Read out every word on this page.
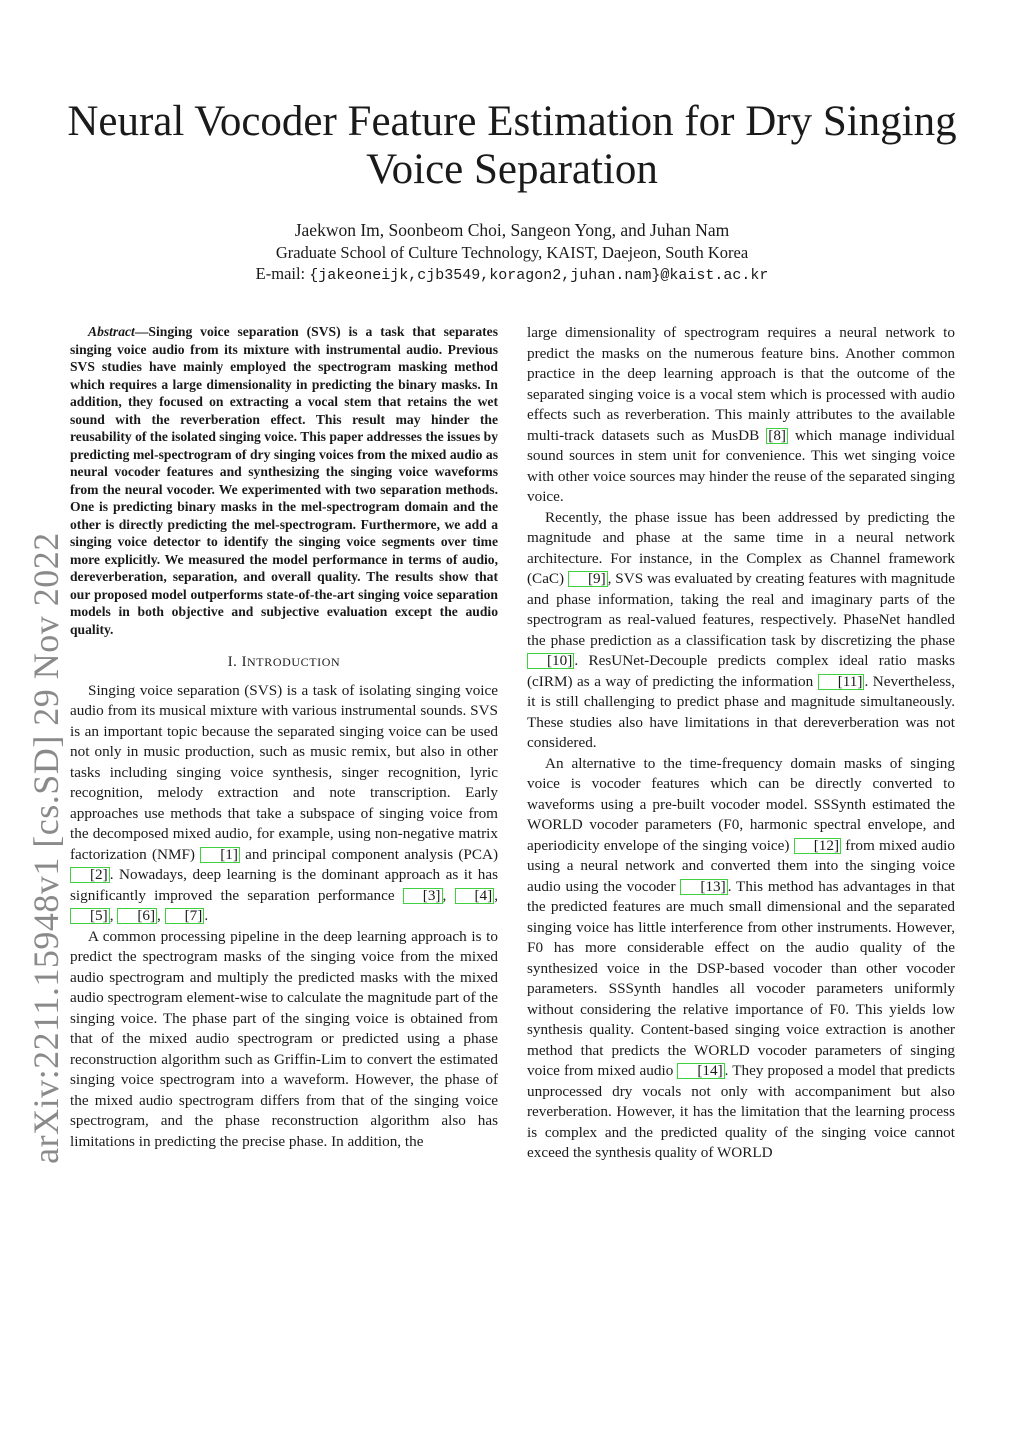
arXiv:2211.15948v1 [cs.SD] 29 Nov 2022
Neural Vocoder Feature Estimation for Dry Singing Voice Separation
Jaekwon Im, Soonbeom Choi, Sangeon Yong, and Juhan Nam
Graduate School of Culture Technology, KAIST, Daejeon, South Korea
E-mail: {jakeoneijk,cjb3549,koragon2,juhan.nam}@kaist.ac.kr

Abstract—Singing voice separation (SVS) is a task that separates singing voice audio from its mixture with instrumental audio. Previous SVS studies have mainly employed the spectrogram masking method which requires a large dimensionality in predicting the binary masks. In addition, they focused on extracting a vocal stem that retains the wet sound with the reverberation effect. This result may hinder the reusability of the isolated singing voice. This paper addresses the issues by predicting mel-spectrogram of dry singing voices from the mixed audio as neural vocoder features and synthesizing the singing voice waveforms from the neural vocoder. We experimented with two separation methods. One is predicting binary masks in the mel-spectrogram domain and the other is directly predicting the mel-spectrogram. Furthermore, we add a singing voice detector to identify the singing voice segments over time more explicitly. We measured the model performance in terms of audio, dereverberation, separation, and overall quality. The results show that our proposed model outperforms state-of-the-art singing voice separation models in both objective and subjective evaluation except the audio quality.

I. INTRODUCTION

Singing voice separation (SVS) is a task of isolating singing voice audio from its musical mixture with various instrumental sounds. SVS is an important topic because the separated singing voice can be used not only in music production, such as music remix, but also in other tasks including singing voice synthesis, singer recognition, lyric recognition, melody extraction and note transcription. Early approaches use methods that take a subspace of singing voice from the decomposed mixed audio, for example, using non-negative matrix factorization (NMF) [1] and principal component analysis (PCA) [2] . Nowadays, deep learning is the dominant approach as it has significantly improved the separation performance [3] , [4] , [5] , [6] , [7] .

A common processing pipeline in the deep learning approach is to predict the spectrogram masks of the singing voice from the mixed audio spectrogram and multiply the predicted masks with the mixed audio spectrogram element-wise to calculate the magnitude part of the singing voice. The phase part of the singing voice is obtained from that of the mixed audio spectrogram or predicted using a phase reconstruction algorithm such as Griffin-Lim to convert the estimated singing voice spectrogram into a waveform. However, the phase of the mixed audio spectrogram differs from that of the singing voice spectrogram, and the phase reconstruction algorithm also has limitations in predicting the precise phase. In addition, the

large dimensionality of spectrogram requires a neural network to predict the masks on the numerous feature bins. Another common practice in the deep learning approach is that the outcome of the separated singing voice is a vocal stem which is processed with audio effects such as reverberation. This mainly attributes to the available multi-track datasets such as MusDB [8] which manage individual sound sources in stem unit for convenience. This wet singing voice with other voice sources may hinder the reuse of the separated singing voice.

Recently, the phase issue has been addressed by predicting the magnitude and phase at the same time in a neural network architecture. For instance, in the Complex as Channel framework (CaC) [9] , SVS was evaluated by creating features with magnitude and phase information, taking the real and imaginary parts of the spectrogram as real-valued features, respectively. PhaseNet handled the phase prediction as a classification task by discretizing the phase [10] . ResUNet-Decouple predicts complex ideal ratio masks (cIRM) as a way of predicting the information [11] . Nevertheless, it is still challenging to predict phase and magnitude simultaneously. These studies also have limitations in that dereverberation was not considered.

An alternative to the time-frequency domain masks of singing voice is vocoder features which can be directly converted to waveforms using a pre-built vocoder model. SSSynth estimated the WORLD vocoder parameters (F0, harmonic spectral envelope, and aperiodicity envelope of the singing voice) [12] from mixed audio using a neural network and converted them into the singing voice audio using the vocoder [13] . This method has advantages in that the predicted features are much small dimensional and the separated singing voice has little interference from other instruments. However, F0 has more considerable effect on the audio quality of the synthesized voice in the DSP-based vocoder than other vocoder parameters. SSSynth handles all vocoder parameters uniformly without considering the relative importance of F0. This yields low synthesis quality. Content-based singing voice extraction is another method that predicts the WORLD vocoder parameters of singing voice from mixed audio [14] . They proposed a model that predicts unprocessed dry vocals not only with accompaniment but also reverberation. However, it has the limitation that the learning process is complex and the predicted quality of the singing voice cannot exceed the synthesis quality of WORLD
